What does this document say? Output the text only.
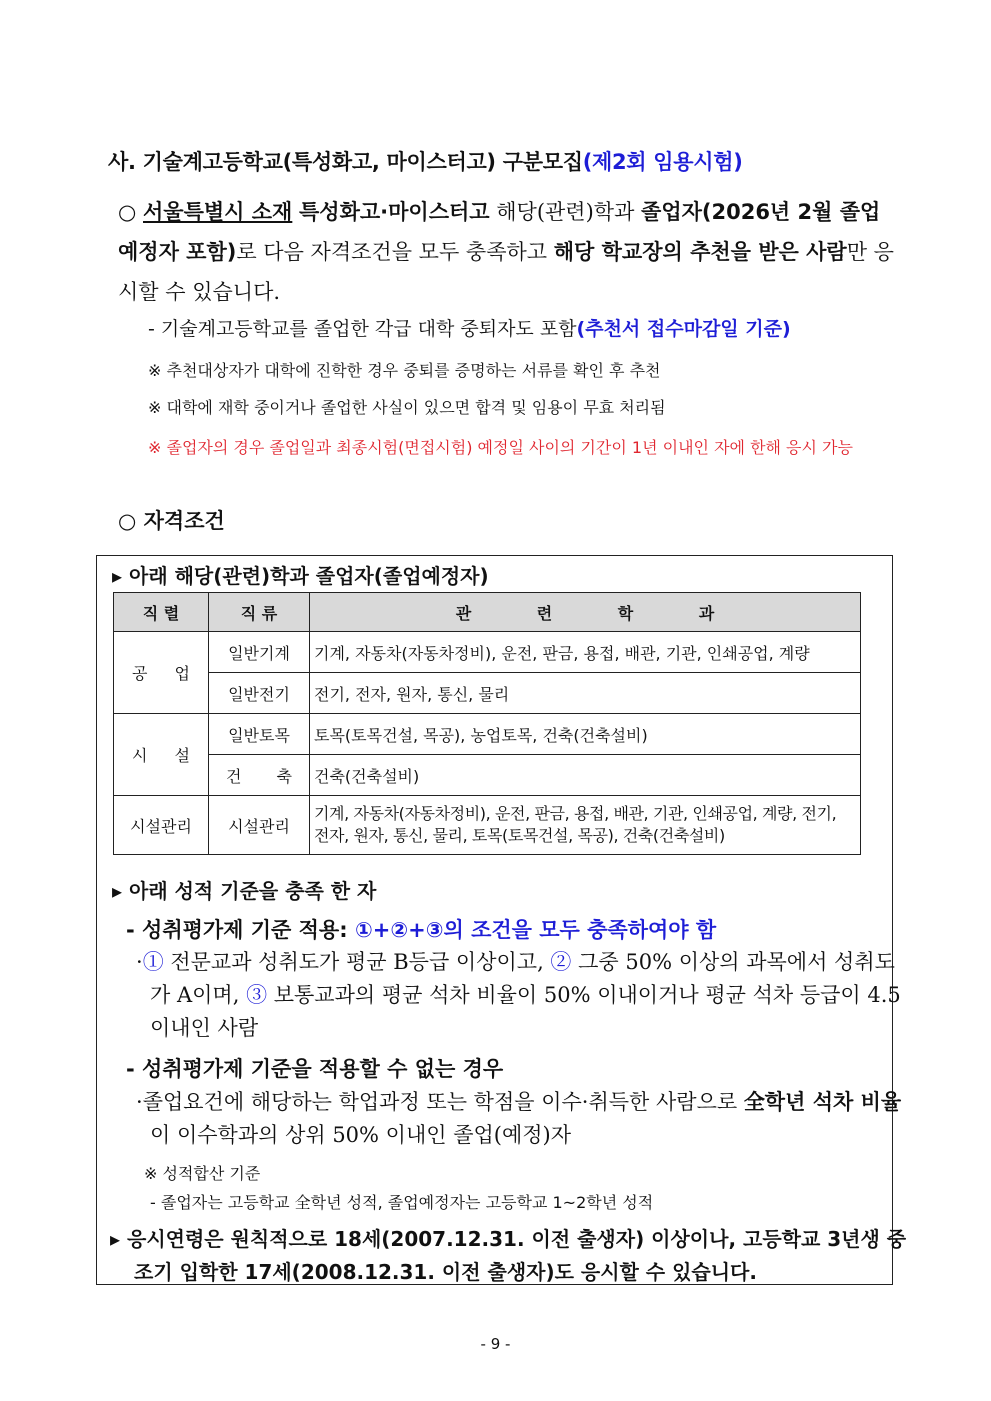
사. 기술계고등학교(특성화고, 마이스터고) 구분모집(제2회 임용시험)
○ 서울특별시 소재 특성화고·마이스터고 해당(관련)학과 졸업자(2026년 2월 졸업예정자 포함)로 다음 자격조건을 모두 충족하고 해당 학교장의 추천을 받은 사람만 응시할 수 있습니다.
- 기술계고등학교를 졸업한 각급 대학 중퇴자도 포함(추천서 접수마감일 기준)
※ 추천대상자가 대학에 진학한 경우 중퇴를 증명하는 서류를 확인 후 추천
※ 대학에 재학 중이거나 졸업한 사실이 있으면 합격 및 임용이 무효 처리됨
※ 졸업자의 경우 졸업일과 최종시험(면접시험) 예정일 사이의 기간이 1년 이내인 자에 한해 응시 가능
○ 자격조건
▸ 아래 해당(관련)학과 졸업자(졸업예정자)
직 렬	직 류	관 련 학 과
공 업	일반기계	기계, 자동차(자동차정비), 운전, 판금, 용접, 배관, 기관, 인쇄공업, 계량
	일반전기	전기, 전자, 원자, 통신, 물리
시 설	일반토목	토목(토목건설, 목공), 농업토목, 건축(건축설비)
	건 축	건축(건축설비)
시설관리	시설관리	기계, 자동차(자동차정비), 운전, 판금, 용접, 배관, 기관, 인쇄공업, 계량, 전기, 전자, 원자, 통신, 물리, 토목(토목건설, 목공), 건축(건축설비)
▸ 아래 성적 기준을 충족 한 자
- 성취평가제 기준 적용: ①+②+③의 조건을 모두 충족하여야 함
·① 전문교과 성취도가 평균 B등급 이상이고, ② 그중 50% 이상의 과목에서 성취도가 A이며, ③ 보통교과의 평균 석차 비율이 50% 이내이거나 평균 석차 등급이 4.5 이내인 사람
- 성취평가제 기준을 적용할 수 없는 경우
·졸업요건에 해당하는 학업과정 또는 학점을 이수·취득한 사람으로 全학년 석차 비율이 이수학과의 상위 50% 이내인 졸업(예정)자
※ 성적합산 기준
- 졸업자는 고등학교 全학년 성적, 졸업예정자는 고등학교 1~2학년 성적
▸ 응시연령은 원칙적으로 18세(2007.12.31. 이전 출생자) 이상이나, 고등학교 3년생 중 조기 입학한 17세(2008.12.31. 이전 출생자)도 응시할 수 있습니다.
- 9 -
